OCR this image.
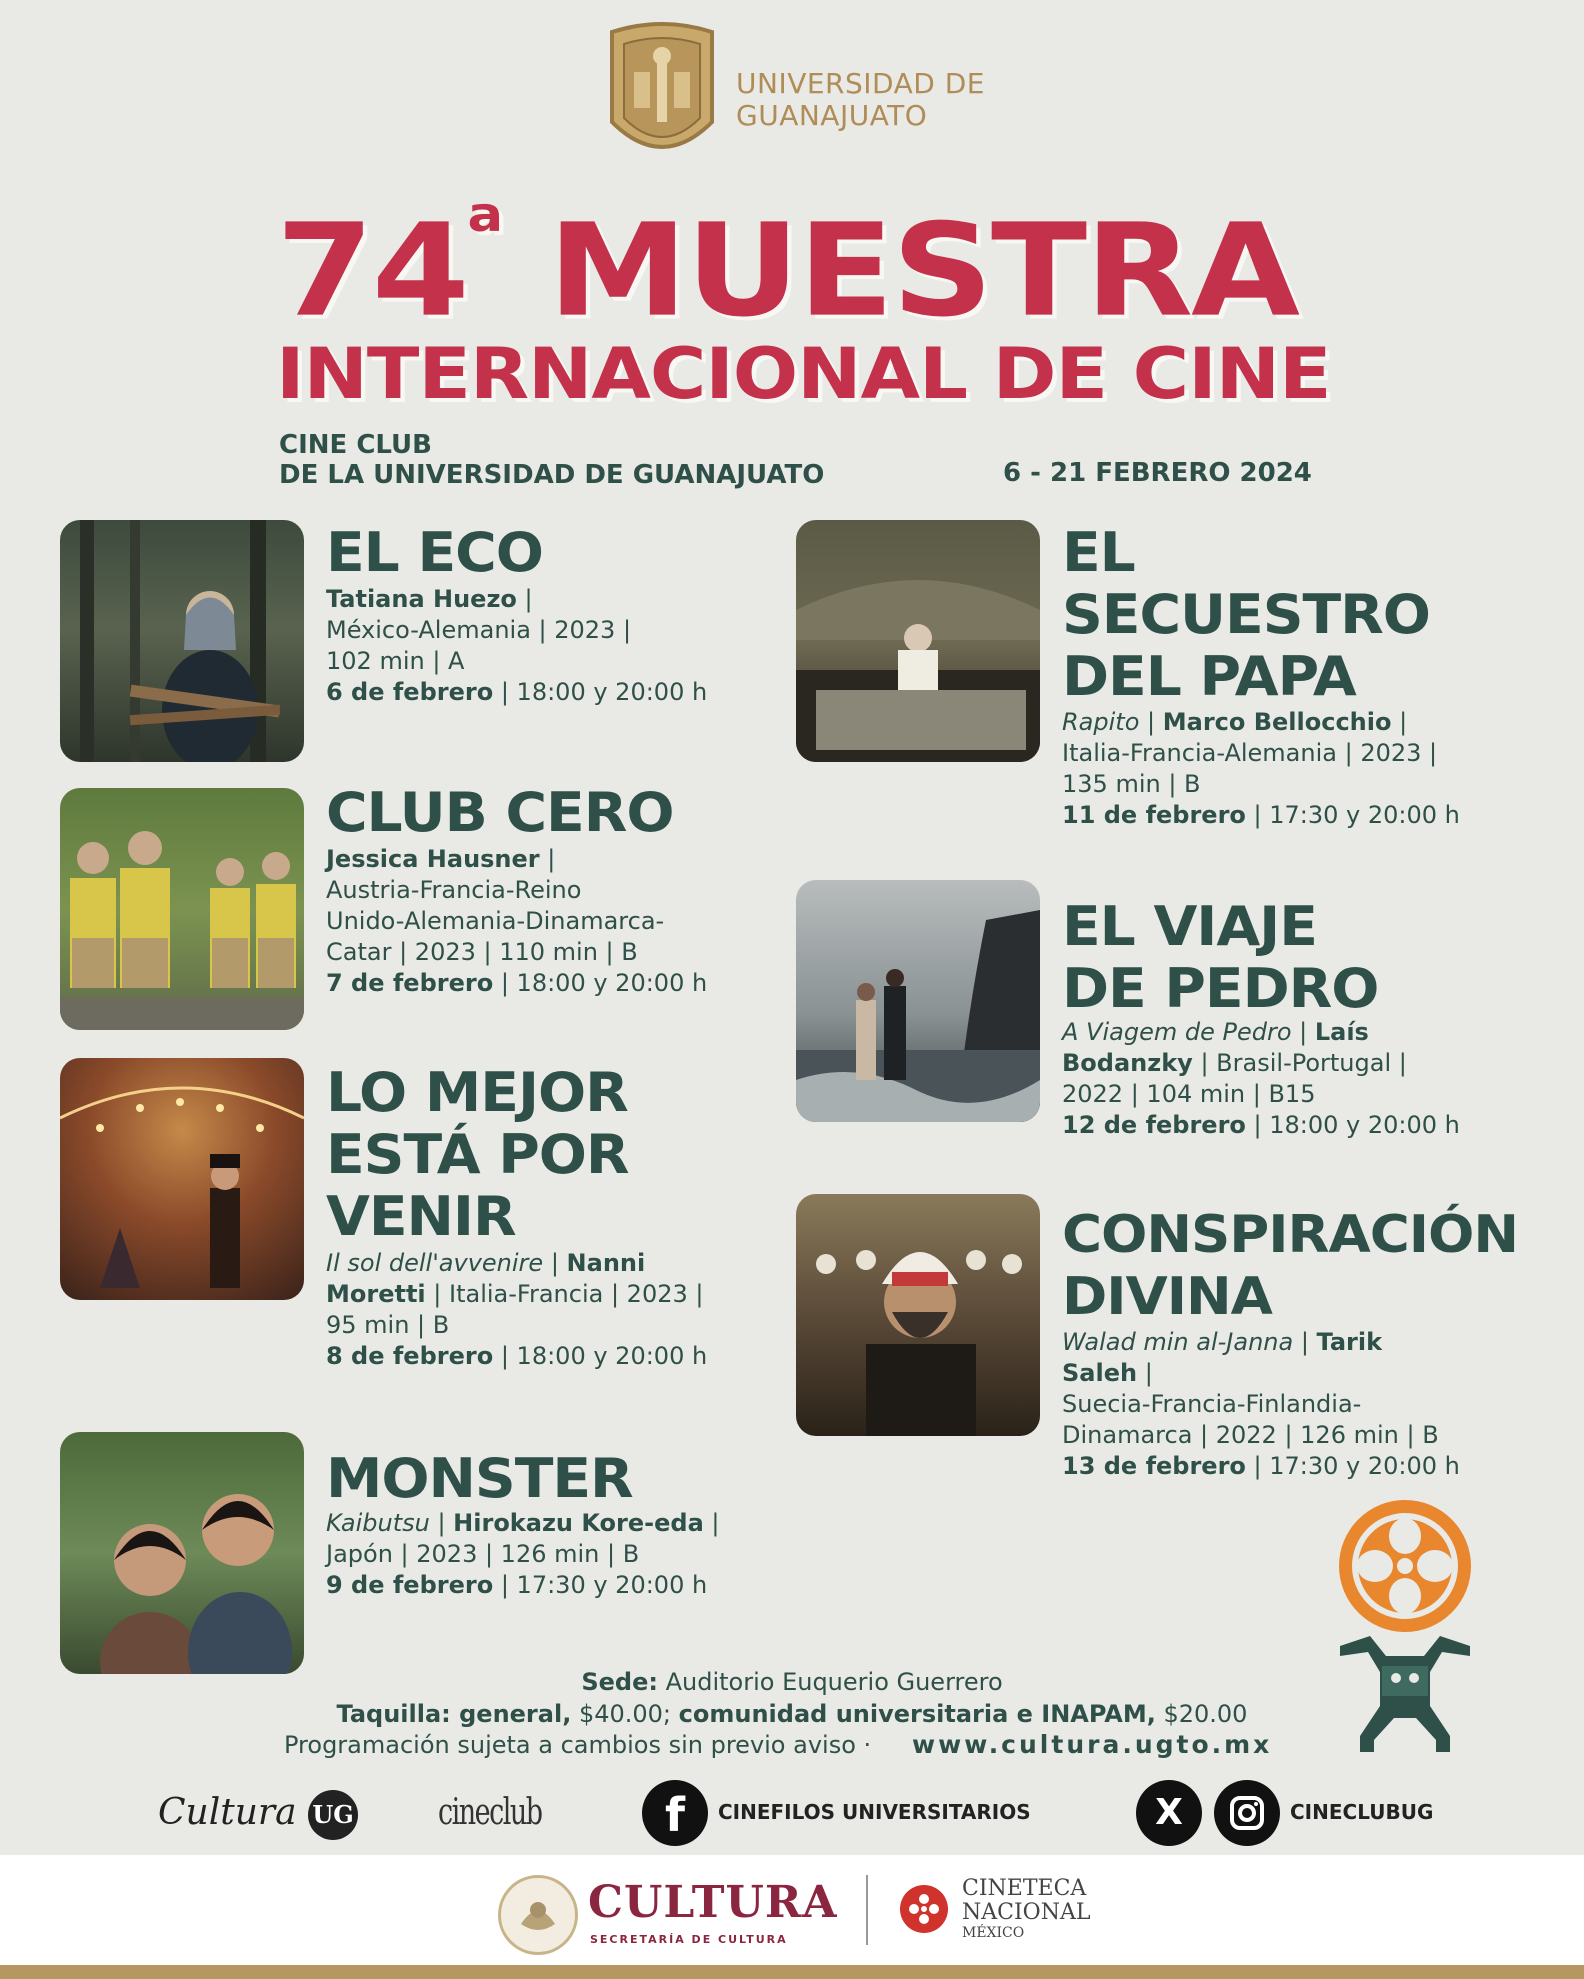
UNIVERSIDAD DE
GUANAJUATO
74$^a$ MUESTRA
INTERNACIONAL DE CINE
CINE CLUB
DE LA UNIVERSIDAD DE GUANAJUATO	6 - 21 FEBRERO 2024
EL ECO
Tatiana Huezo |
México-Alemania | 2023 |
102 min | A
6 de febrero | 18:00 y 20:00 h
CLUB CERO
Jessica Hausner |
Austria-Francia-Reino
Unido-Alemania-Dinamarca-
Catar | 2023 | 110 min | B
7 de febrero | 18:00 y 20:00 h
LO MEJOR
ESTÁ POR
VENIR
Il sol dell'avvenire | Nanni
Moretti | Italia-Francia | 2023 |
95 min | B
8 de febrero | 18:00 y 20:00 h
MONSTER
Kaibutsu | Hirokazu Kore-eda |
Japón | 2023 | 126 min | B
9 de febrero | 17:30 y 20:00 h
EL
SECUESTRO
DEL PAPA
Rapito | Marco Bellocchio |
Italia-Francia-Alemania | 2023 |
135 min | B
11 de febrero | 17:30 y 20:00 h
EL VIAJE
DE PEDRO
A Viagem de Pedro | Laís
Bodanzky | Brasil-Portugal |
2022 | 104 min | B15
12 de febrero | 18:00 y 20:00 h
CONSPIRACIÓN
DIVINA
Walad min al-Janna | Tarik
Saleh |
Suecia-Francia-Finlandia-
Dinamarca | 2022 | 126 min | B
13 de febrero | 17:30 y 20:00 h
Sede: Auditorio Euquerio Guerrero
Taquilla: general, $40.00; comunidad universitaria e INAPAM, $20.00
Programación sujeta a cambios sin previo aviso · www.cultura.ugto.mx
Cultura UG cineclub	f	CINEFILOS UNIVERSITARIOS	X	CINECLUBUG
CULTURA
SECRETARÍA DE CULTURA
CINETECA
NACIONAL
MÉXICO
